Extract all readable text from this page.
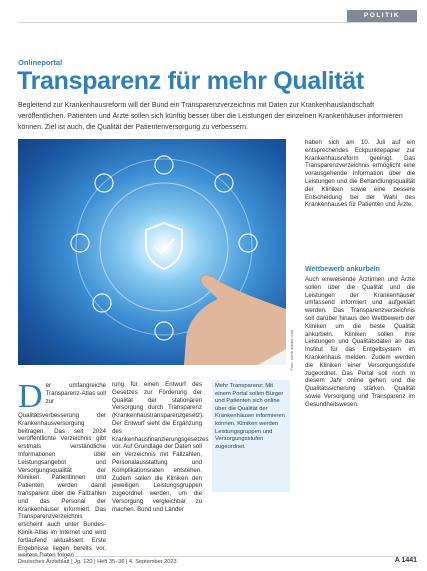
POLITIK
Onlineportal
Transparenz für mehr Qualität

Begleitend zur Krankenhausreform will der Bund ein Transparenzverzeichnis mit Daten zur Krankenhauslandschaft veröffentlichen. Patienten und Ärzte sollen sich künftig besser über die Leistungen der einzelnen Krankenhäuser informieren können. Ziel ist auch, die Qualität der Patientenversorgung zu verbessern.

Foto: stock.adobe.com
D er umfangreiche Transparenz-Atlas soll zur Qualitätsverbesserung der Krankenhausversorgung beitragen. Das seit 2024 veröffentlichte Verzeichnis gibt erstmals verständliche Informationen über Leistungsangebot und Versorgungsqualität der Kliniken. Patientinnen und Patienten werden damit transparent über die Fallzahlen und das Personal der Krankenhäuser informiert. Das Transparenzverzeichnis erscheint auch unter Bundes-Klinik-Atlas im Internet und wird fortlaufend aktualisiert. Erste Ergebnisse liegen bereits vor,
rung für einen Entwurf des Gesetzes zur Förderung der Qualität der stationären Versorgung durch Transparenz (Krankenhaustransparenzgesetz). Der Entwurf sieht die Ergänzung des Krankenhausfinanzierungsgesetzes vor. Auf Grundlage der Daten soll ein Verzeichnis mit Fallzahlen, Personalausstattung und Komplikationsraten entstehen. Zudem sollen die Kliniken den jeweiligen Leistungsgruppen zugeordnet werden, um die Versorgung vergleichbar zu machen. Bund und Länder
Mehr Transparenz: Mit einem Portal sollen Bürger und Patienten sich online über die Qualität der Krankenhäuser informieren können. Kliniken werden Leistungsgruppen und Versorgungsstufen zugeordnet.
haben sich am 10. Juli auf ein entsprechendes Eckpunktepapier zur Krankenhausreform geeinigt. Das Transparenzverzeichnis ermöglicht eine vorausgehende Information über die Leistungen und die Behandlungsqualität der Kliniken sowie eine bessere Entscheidung bei der Wahl des Krankenhauses für Patienten und Ärzte.
Wettbewerb ankurbeln
Auch einweisende Ärztinnen und Ärzte sollen über die Qualität und die Leistungen der Krankenhäuser umfassend informiert und aufgeklärt werden. Das Transparenzverzeichnis soll darüber hinaus den Wettbewerb der Kliniken um die beste Qualität ankurbeln. Kliniken sollen ihre Leistungen und Qualitätsdaten an das Institut für das Entgeltsystem im Krankenhaus melden. Zudem werden die Kliniken einer Versorgungsstufe zugeordnet. Das Portal soll noch in diesem Jahr online gehen und die Qualitätssicherung stärken. Qualität sowie Versorgung und Transparenz im Gesundheitswesen.
Deutsches Ärzteblatt | Jg. 120 | Heft 35–36 | 4. September 2023	A 1441
